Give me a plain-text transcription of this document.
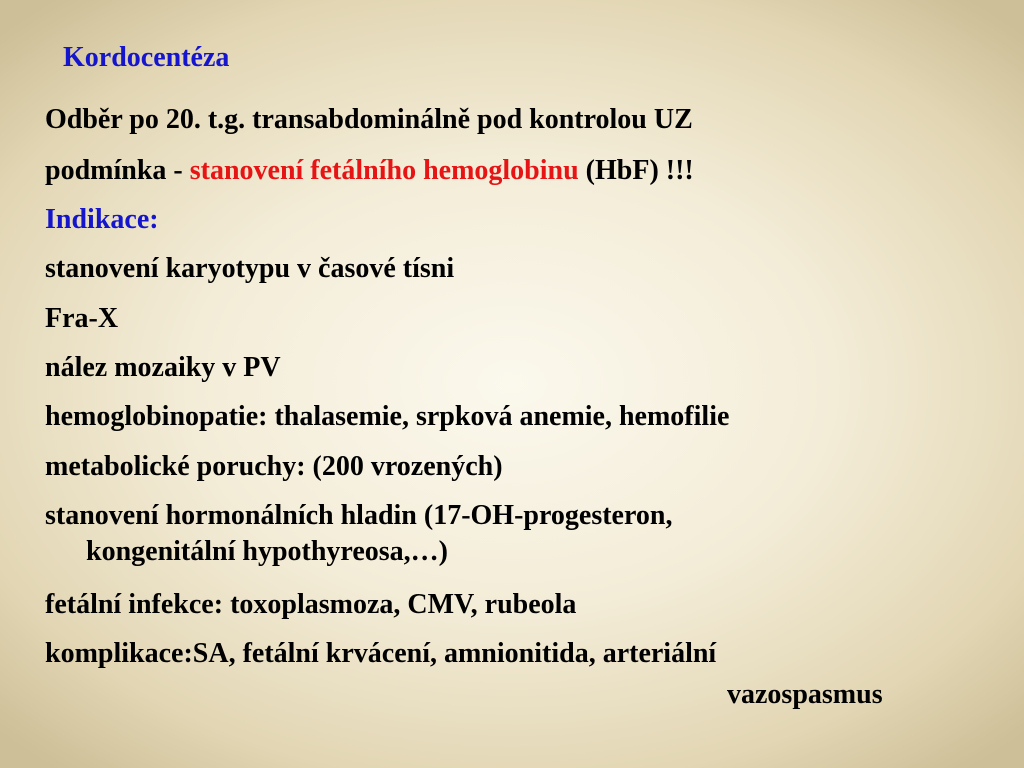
Kordocentéza
Odběr po 20. t.g. transabdominálně pod kontrolou UZ
podmínka - stanovení fetálního hemoglobinu (HbF) !!!
Indikace:
stanovení karyotypu v časové tísni
Fra-X
nález mozaiky v PV
hemoglobinopatie: thalasemie, srpková anemie, hemofilie
metabolické poruchy: (200 vrozených)
stanovení hormonálních hladin (17-OH-progesteron,
kongenitální hypothyreosa,…)
fetální infekce: toxoplasmoza, CMV, rubeola
komplikace:SA, fetální krvácení, amnionitida, arteriální
vazospasmus
